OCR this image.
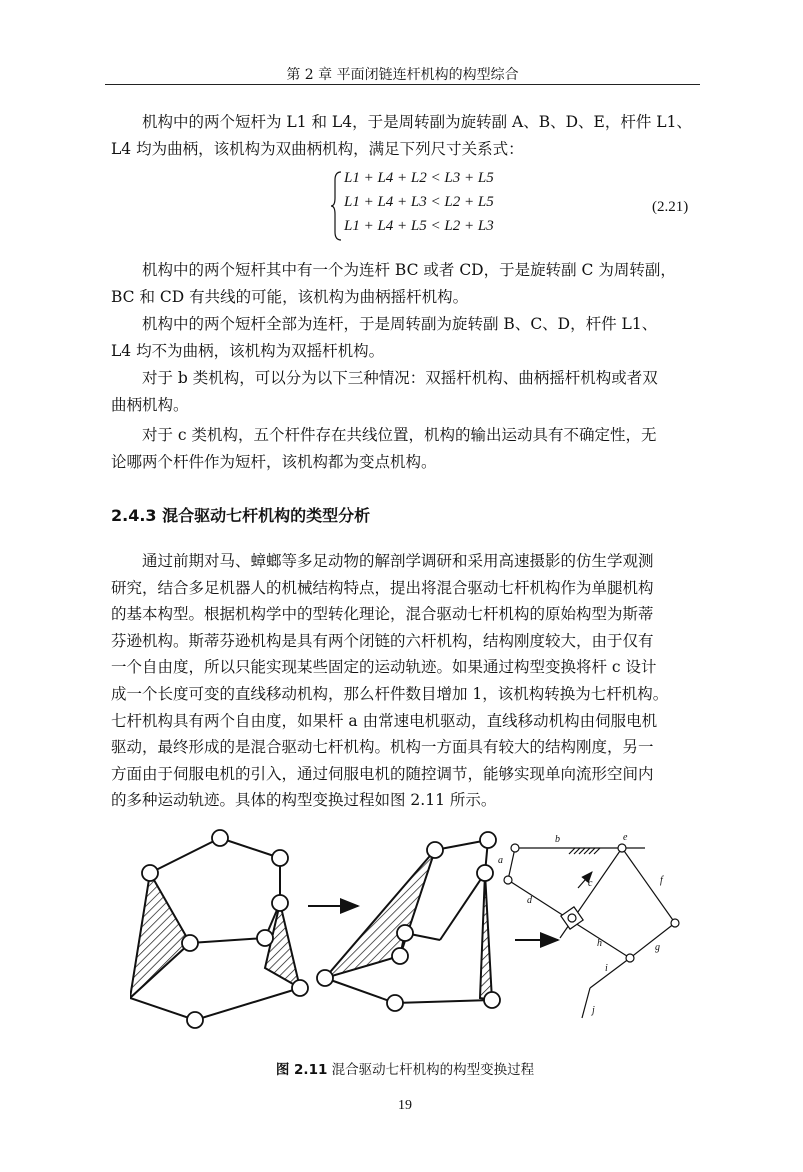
第 2 章 平面闭链连杆机构的构型综合
机构中的两个短杆为 L1 和 L4，于是周转副为旋转副 A、B、D、E，杆件 L1、
L4 均为曲柄，该机构为双曲柄机构，满足下列尺寸关系式：
L1 + L4 + L2 < L3 + L5
L1 + L4 + L3 < L2 + L5
L1 + L4 + L5 < L2 + L3
(2.21)
机构中的两个短杆其中有一个为连杆 BC 或者 CD，于是旋转副 C 为周转副，
BC 和 CD 有共线的可能，该机构为曲柄摇杆机构。
机构中的两个短杆全部为连杆，于是周转副为旋转副 B、C、D，杆件 L1、
L4 均不为曲柄，该机构为双摇杆机构。
对于 b 类机构，可以分为以下三种情况：双摇杆机构、曲柄摇杆机构或者双
曲柄机构。
对于 c 类机构，五个杆件存在共线位置，机构的输出运动具有不确定性，无
论哪两个杆件作为短杆，该机构都为变点机构。
2.4.3 混合驱动七杆机构的类型分析
通过前期对马、蟑螂等多足动物的解剖学调研和采用高速摄影的仿生学观测
研究，结合多足机器人的机械结构特点，提出将混合驱动七杆机构作为单腿机构
的基本构型。根据机构学中的型转化理论，混合驱动七杆机构的原始构型为斯蒂
芬逊机构。斯蒂芬逊机构是具有两个闭链的六杆机构，结构刚度较大，由于仅有
一个自由度，所以只能实现某些固定的运动轨迹。如果通过构型变换将杆 c 设计
成一个长度可变的直线移动机构，那么杆件数目增加 1，该机构转换为七杆机构。
七杆机构具有两个自由度，如果杆 a 由常速电机驱动，直线移动机构由伺服电机
驱动，最终形成的是混合驱动七杆机构。机构一方面具有较大的结构刚度，另一
方面由于伺服电机的引入，通过伺服电机的随控调节，能够实现单向流形空间内
的多种运动轨迹。具体的构型变换过程如图 2.11 所示。
a
b
c
d
e
f
g
h
i
j
图 2.11 混合驱动七杆机构的构型变换过程
19
